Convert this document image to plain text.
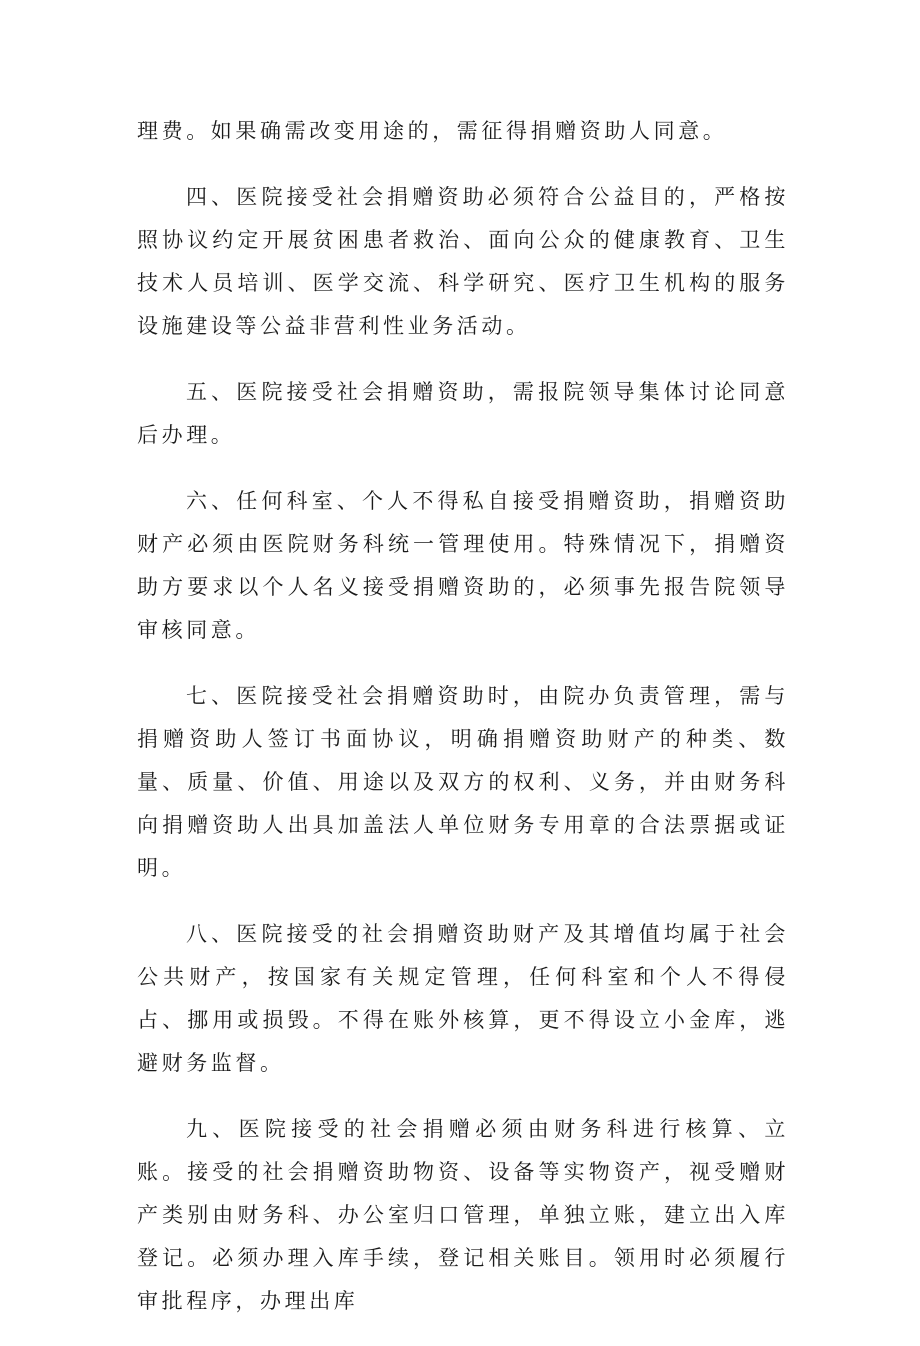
理费。如果确需改变用途的，需征得捐赠资助人同意。

四、医院接受社会捐赠资助必须符合公益目的，严格按照协议约定开展贫困患者救治、面向公众的健康教育、卫生技术人员培训、医学交流、科学研究、医疗卫生机构的服务设施建设等公益非营利性业务活动。

五、医院接受社会捐赠资助，需报院领导集体讨论同意后办理。

六、任何科室、个人不得私自接受捐赠资助，捐赠资助财产必须由医院财务科统一管理使用。特殊情况下，捐赠资助方要求以个人名义接受捐赠资助的，必须事先报告院领导审核同意。

七、医院接受社会捐赠资助时，由院办负责管理，需与捐赠资助人签订书面协议，明确捐赠资助财产的种类、数量、质量、价值、用途以及双方的权利、义务，并由财务科向捐赠资助人出具加盖法人单位财务专用章的合法票据或证明。

八、医院接受的社会捐赠资助财产及其增值均属于社会公共财产，按国家有关规定管理，任何科室和个人不得侵占、挪用或损毁。不得在账外核算，更不得设立小金库，逃避财务监督。

九、医院接受的社会捐赠必须由财务科进行核算、立账。接受的社会捐赠资助物资、设备等实物资产，视受赠财产类别由财务科、办公室归口管理，单独立账，建立出入库登记。必须办理入库手续，登记相关账目。领用时必须履行审批程序，办理出库
